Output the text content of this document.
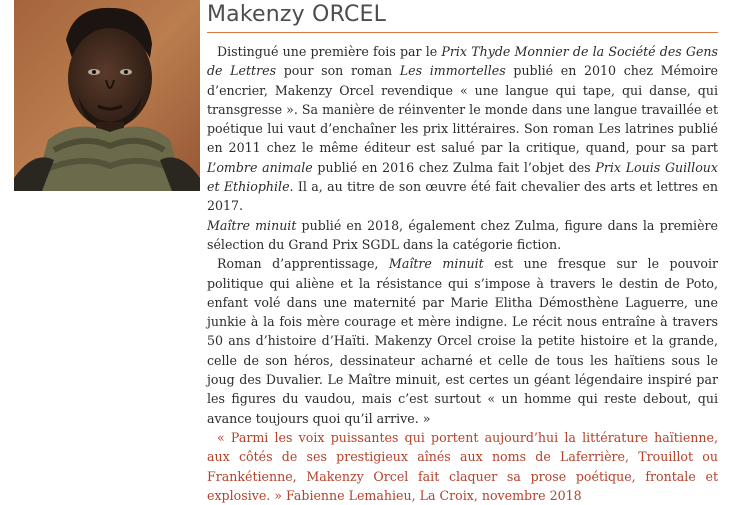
Makenzy ORCEL

Distingué une première fois par le Prix Thyde Monnier de la Société des Gens de Lettres pour son roman Les immortelles publié en 2010 chez Mémoire d’encrier, Makenzy Orcel revendique « une langue qui tape, qui danse, qui transgresse ». Sa manière de réinventer le monde dans une langue travaillée et poétique lui vaut d’enchaîner les prix littéraires. Son roman Les latrines publié en 2011 chez le même éditeur est salué par la critique, quand, pour sa part L’ombre animale publié en 2016 chez Zulma fait l’objet des Prix Louis Guilloux et Ethiophile. Il a, au titre de son œuvre été fait chevalier des arts et lettres en 2017.

Maître minuit publié en 2018, également chez Zulma, figure dans la première sélection du Grand Prix SGDL dans la catégorie fiction.

Roman d’apprentissage, Maître minuit est une fresque sur le pouvoir politique qui aliène et la résistance qui s’impose à travers le destin de Poto, enfant volé dans une maternité par Marie Elitha Démosthène Laguerre, une junkie à la fois mère courage et mère indigne. Le récit nous entraîne à travers 50 ans d’histoire d’Haïti. Makenzy Orcel croise la petite histoire et la grande, celle de son héros, dessinateur acharné et celle de tous les haïtiens sous le joug des Duvalier. Le Maître minuit, est certes un géant légendaire inspiré par les figures du vaudou, mais c’est surtout « un homme qui reste debout, qui avance toujours quoi qu’il arrive. »

« Parmi les voix puissantes qui portent aujourd’hui la littérature haïtienne, aux côtés de ses prestigieux aînés aux noms de Laferrière, Trouillot ou Frankétienne, Makenzy Orcel fait claquer sa prose poétique, frontale et explosive. » Fabienne Lemahieu, La Croix, novembre 2018
